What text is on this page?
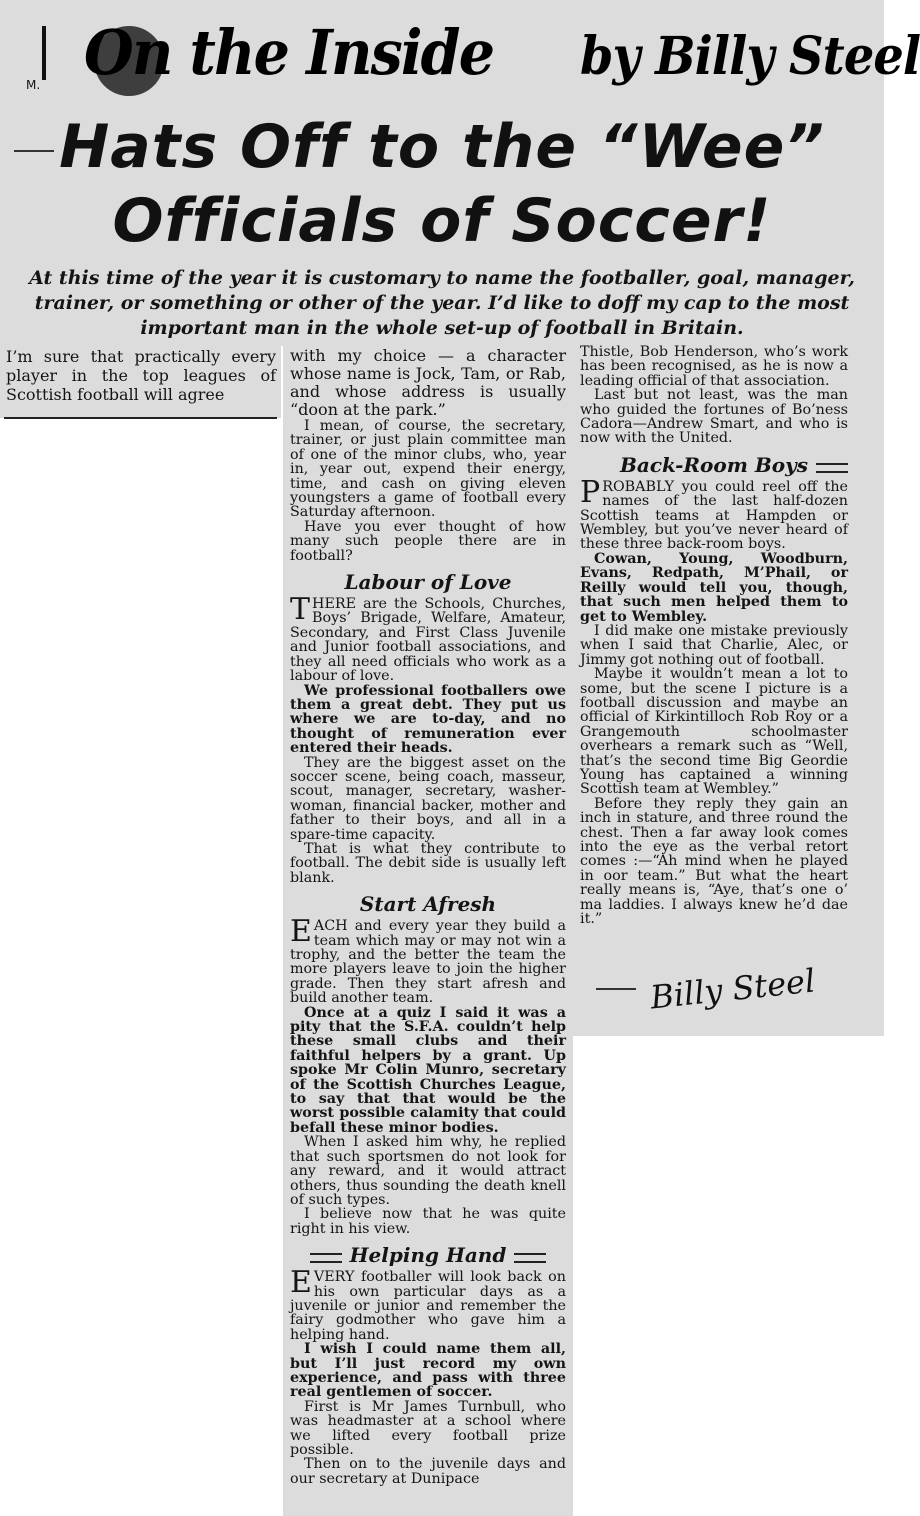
On the Inside by Billy Steel
M.
Hats Off to the “Wee”
Officials of Soccer!
At this time of the year it is customary to name the footballer, goal, manager, trainer, or something or other of the year. I’d like to doff my cap to the most important man in the whole set-up of football in Britain.

I’m sure that practically every player in the top leagues of Scottish football will agree

with my choice — a character whose name is Jock, Tam, or Rab, and whose address is usually “doon at the park.”

I mean, of course, the secretary, trainer, or just plain committee man of one of the minor clubs, who, year in, year out, expend their energy, time, and cash on giving eleven youngsters a game of football every Saturday afternoon.

Have you ever thought of how many such people there are in football?

Labour of Love

THERE are the Schools, Churches, Boys’ Brigade, Welfare, Amateur, Secondary, and First Class Juvenile and Junior football associations, and they all need officials who work as a labour of love.

We professional footballers owe them a great debt. They put us where we are to-day, and no thought of remuneration ever entered their heads.

They are the biggest asset on the soccer scene, being coach, masseur, scout, manager, secretary, washer-woman, financial backer, mother and father to their boys, and all in a spare-time capacity.

That is what they contribute to football. The debit side is usually left blank.

Start Afresh

EACH and every year they build a team which may or may not win a trophy, and the better the team the more players leave to join the higher grade. Then they start afresh and build another team.

Once at a quiz I said it was a pity that the S.F.A. couldn’t help these small clubs and their faithful helpers by a grant. Up spoke Mr Colin Munro, secretary of the Scottish Churches League, to say that that would be the worst possible calamity that could befall these minor bodies.

When I asked him why, he replied that such sportsmen do not look for any reward, and it would attract others, thus sounding the death knell of such types.

I believe now that he was quite right in his view.

Helping Hand

EVERY footballer will look back on his own particular days as a juvenile or junior and remember the fairy godmother who gave him a helping hand.

I wish I could name them all, but I’ll just record my own experience, and pass with three real gentlemen of soccer.

First is Mr James Turnbull, who was headmaster at a school where we lifted every football prize possible.

Then on to the juvenile days and our secretary at Dunipace

Thistle, Bob Henderson, who’s work has been recognised, as he is now a leading official of that association.

Last but not least, was the man who guided the fortunes of Bo’ness Cadora—Andrew Smart, and who is now with the United.

Back-Room Boys

PROBABLY you could reel off the names of the last half-dozen Scottish teams at Hampden or Wembley, but you’ve never heard of these three back-room boys.

Cowan, Young, Woodburn, Evans, Redpath, M’Phail, or Reilly would tell you, though, that such men helped them to get to Wembley.

I did make one mistake previously when I said that Charlie, Alec, or Jimmy got nothing out of football.

Maybe it wouldn’t mean a lot to some, but the scene I picture is a football discussion and maybe an official of Kirkintilloch Rob Roy or a Grangemouth schoolmaster overhears a remark such as “Well, that’s the second time Big Geordie Young has captained a winning Scottish team at Wembley.”

Before they reply they gain an inch in stature, and three round the chest. Then a far away look comes into the eye as the verbal retort comes :—“Ah mind when he played in oor team.” But what the heart really means is, “Aye, that’s one o’ ma laddies. I always knew he’d dae it.”

Billy Steel
